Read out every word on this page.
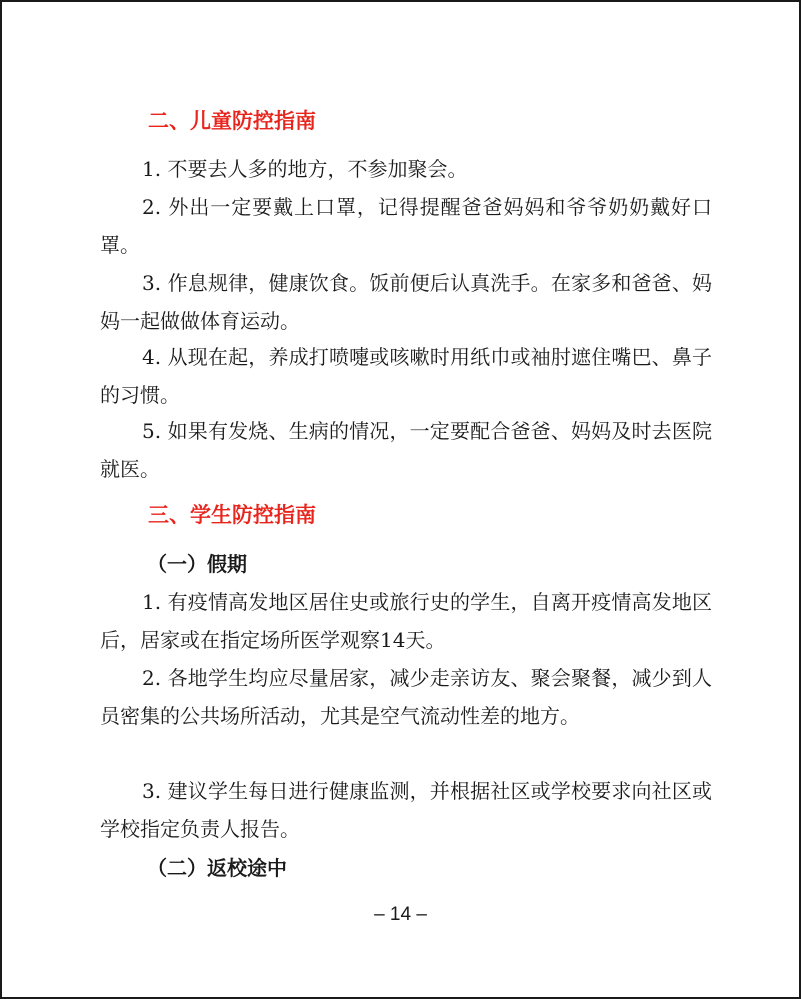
二、儿童防控指南

1. 不要去人多的地方，不参加聚会。

2. 外出一定要戴上口罩，记得提醒爸爸妈妈和爷爷奶奶戴好口罩。

3. 作息规律，健康饮食。饭前便后认真洗手。在家多和爸爸、妈妈一起做做体育运动。

4. 从现在起，养成打喷嚏或咳嗽时用纸巾或袖肘遮住嘴巴、鼻子的习惯。

5. 如果有发烧、生病的情况，一定要配合爸爸、妈妈及时去医院就医。

三、学生防控指南
（一）假期

1. 有疫情高发地区居住史或旅行史的学生，自离开疫情高发地区后，居家或在指定场所医学观察14天。

2. 各地学生均应尽量居家，减少走亲访友、聚会聚餐，减少到人员密集的公共场所活动，尤其是空气流动性差的地方。

3. 建议学生每日进行健康监测，并根据社区或学校要求向社区或学校指定负责人报告。

（二）返校途中
– 14 –
